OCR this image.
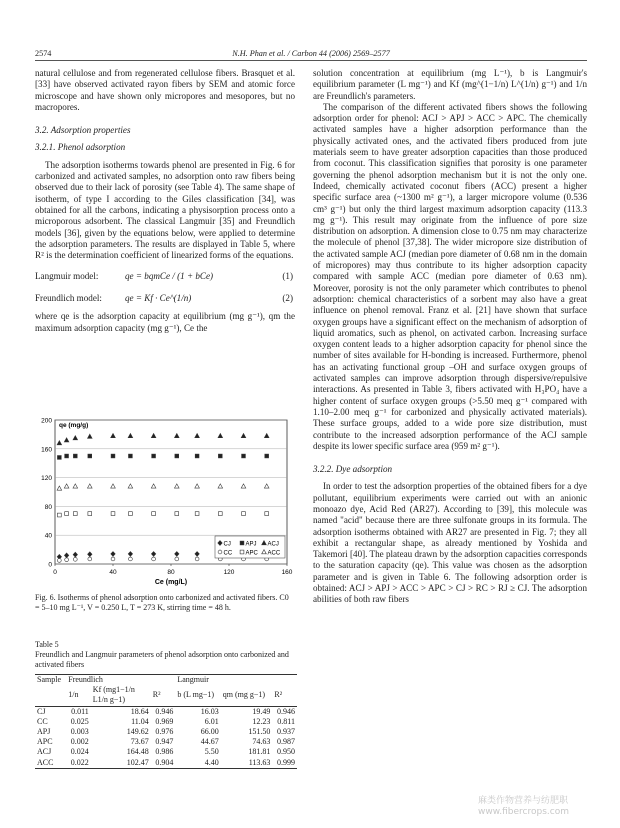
2574	N.H. Phan et al. / Carbon 44 (2006) 2569–2577

natural cellulose and from regenerated cellulose fibers. Brasquet et al. [33] have observed activated rayon fibers by SEM and atomic force microscope and have shown only micropores and mesopores, but no macropores.

3.2. Adsorption properties

3.2.1. Phenol adsorption

The adsorption isotherms towards phenol are presented in Fig. 6 for carbonized and activated samples, no adsorption onto raw fibers being observed due to their lack of porosity (see Table 4). The same shape of isotherm, of type I according to the Giles classification [34], was obtained for all the carbons, indicating a physisorption process onto a microporous adsorbent. The classical Langmuir [35] and Freundlich models [36], given by the equations below, were applied to determine the adsorption parameters. The results are displayed in Table 5, where R² is the determination coefficient of linearized forms of the equations.

Langmuir model:	qe = bqmCe / (1 + bCe)	(1)
Freundlich model:	qe = Kf · Ce^(1/n)	(2)

where qe is the adsorption capacity at equilibrium (mg g⁻¹), qm the maximum adsorption capacity (mg g⁻¹), Ce the

0
40
80
120
160
200
0	40	80	120	160
qe (mg/g)
Ce (mg/L)
CJ APJ ACJ
CC APC ACC
Fig. 6. Isotherms of phenol adsorption onto carbonized and activated fibers. C0 = 5–10 mg L⁻¹, V = 0.250 L, T = 273 K, stirring time = 48 h.
Table 5
Freundlich and Langmuir parameters of phenol adsorption onto carbonized and activated fibers
Sample	Freundlich			Langmuir		
	1/n	Kf (mg1−1/n L1/n g−1)	R²	b (L mg−1)	qm (mg g−1)	R²
CJ	0.011	18.64	0.946	16.03	19.49	0.946
CC	0.025	11.04	0.969	6.01	12.23	0.811
APJ	0.003	149.62	0.976	66.00	151.50	0.937
APC	0.002	73.67	0.947	44.67	74.63	0.987
ACJ	0.024	164.48	0.986	5.50	181.81	0.950
ACC	0.022	102.47	0.904	4.40	113.63	0.999

solution concentration at equilibrium (mg L⁻¹), b is Langmuir's equilibrium parameter (L mg⁻¹) and Kf (mg^(1−1/n) L^(1/n) g⁻¹) and 1/n are Freundlich's parameters.

The comparison of the different activated fibers shows the following adsorption order for phenol: ACJ > APJ > ACC > APC. The chemically activated samples have a higher adsorption performance than the physically activated ones, and the activated fibers produced from jute materials seem to have greater adsorption capacities than those produced from coconut. This classification signifies that porosity is one parameter governing the phenol adsorption mechanism but it is not the only one. Indeed, chemically activated coconut fibers (ACC) present a higher specific surface area (~1300 m² g⁻¹), a larger micropore volume (0.536 cm³ g⁻¹) but only the third largest maximum adsorption capacity (113.3 mg g⁻¹). This result may originate from the influence of pore size distribution on adsorption. A dimension close to 0.75 nm may characterize the molecule of phenol [37,38]. The wider micropore size distribution of the activated sample ACJ (median pore diameter of 0.68 nm in the domain of micropores) may thus contribute to its higher adsorption capacity compared with sample ACC (median pore diameter of 0.63 nm). Moreover, porosity is not the only parameter which contributes to phenol adsorption: chemical characteristics of a sorbent may also have a great influence on phenol removal. Franz et al. [21] have shown that surface oxygen groups have a significant effect on the mechanism of adsorption of liquid aromatics, such as phenol, on activated carbon. Increasing surface oxygen content leads to a higher adsorption capacity for phenol since the number of sites available for H-bonding is increased. Furthermore, phenol has an activating functional group –OH and surface oxygen groups of activated samples can improve adsorption through dispersive/repulsive interactions. As presented in Table 3, fibers activated with H₃PO₄ have a higher content of surface oxygen groups (>5.50 meq g⁻¹ compared with 1.10–2.00 meq g⁻¹ for carbonized and physically activated materials). These surface groups, added to a wide pore size distribution, must contribute to the increased adsorption performance of the ACJ sample despite its lower specific surface area (959 m² g⁻¹).

3.2.2. Dye adsorption

In order to test the adsorption properties of the obtained fibers for a dye pollutant, equilibrium experiments were carried out with an anionic monoazo dye, Acid Red (AR27). According to [39], this molecule was named "acid" because there are three sulfonate groups in its formula. The adsorption isotherms obtained with AR27 are presented in Fig. 7; they all exhibit a rectangular shape, as already mentioned by Yoshida and Takemori [40]. The plateau drawn by the adsorption capacities corresponds to the saturation capacity (qe). This value was chosen as the adsorption parameter and is given in Table 6. The following adsorption order is obtained: ACJ > APJ > ACC > APC > CJ > RC > RJ ≥ CJ. The adsorption abilities of both raw fibers

麻类作物营养与纺肥职
www.fibercrops.com
